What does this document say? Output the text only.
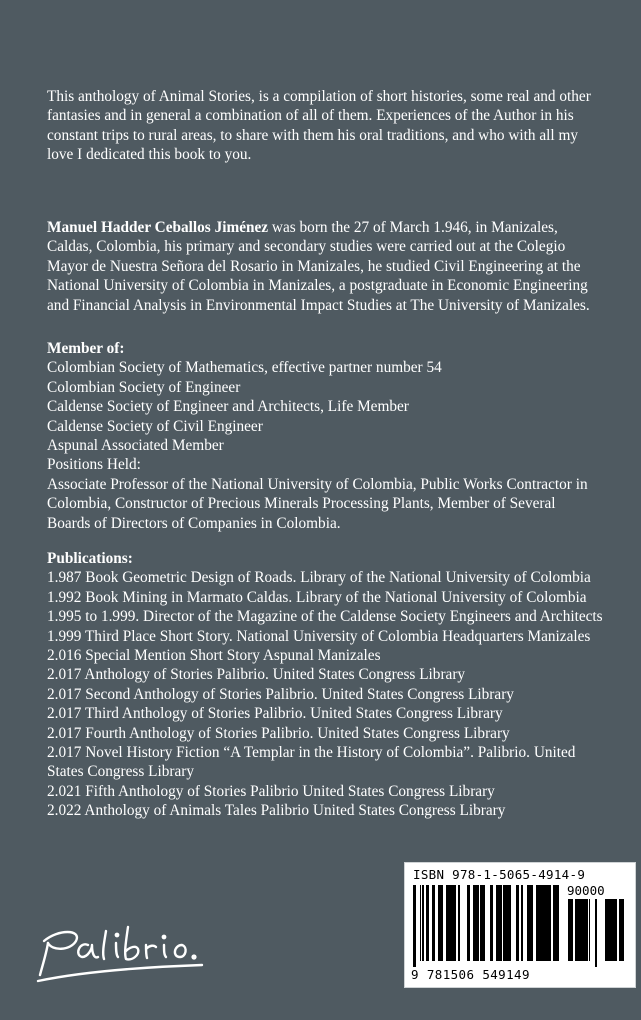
This anthology of Animal Stories, is a compilation of short histories, some real and other fantasies and in general a combination of all of them. Experiences of the Author in his constant trips to rural areas, to share with them his oral traditions, and who with all my love I dedicated this book to you.

Manuel Hadder Ceballos Jiménez was born the 27 of March 1.946, in Manizales, Caldas, Colombia, his primary and secondary studies were carried out at the Colegio Mayor de Nuestra Señora del Rosario in Manizales, he studied Civil Engineering at the National University of Colombia in Manizales, a postgraduate in Economic Engineering and Financial Analysis in Environmental Impact Studies at The University of Manizales.

Member of:
Colombian Society of Mathematics, effective partner number 54
Colombian Society of Engineer
Caldense Society of Engineer and Architects, Life Member
Caldense Society of Civil Engineer
Aspunal Associated Member
Positions Held:
Associate Professor of the National University of Colombia, Public Works Contractor in Colombia, Constructor of Precious Minerals Processing Plants, Member of Several Boards of Directors of Companies in Colombia.
Publications:
1.987 Book Geometric Design of Roads. Library of the National University of Colombia
1.992 Book Mining in Marmato Caldas. Library of the National University of Colombia
1.995 to 1.999. Director of the Magazine of the Caldense Society Engineers and Architects
1.999 Third Place Short Story. National University of Colombia Headquarters Manizales
2.016 Special Mention Short Story Aspunal Manizales
2.017 Anthology of Stories Palibrio. United States Congress Library
2.017 Second Anthology of Stories Palibrio. United States Congress Library
2.017 Third Anthology of Stories Palibrio. United States Congress Library
2.017 Fourth Anthology of Stories Palibrio. United States Congress Library
2.017 Novel History Fiction “A Templar in the History of Colombia”. Palibrio. United States Congress Library
2.021 Fifth Anthology of Stories Palibrio United States Congress Library
2.022 Anthology of Animals Tales Palibrio United States Congress Library
ISBN 978-1-5065-4914-9
90000
9 781506 549149
